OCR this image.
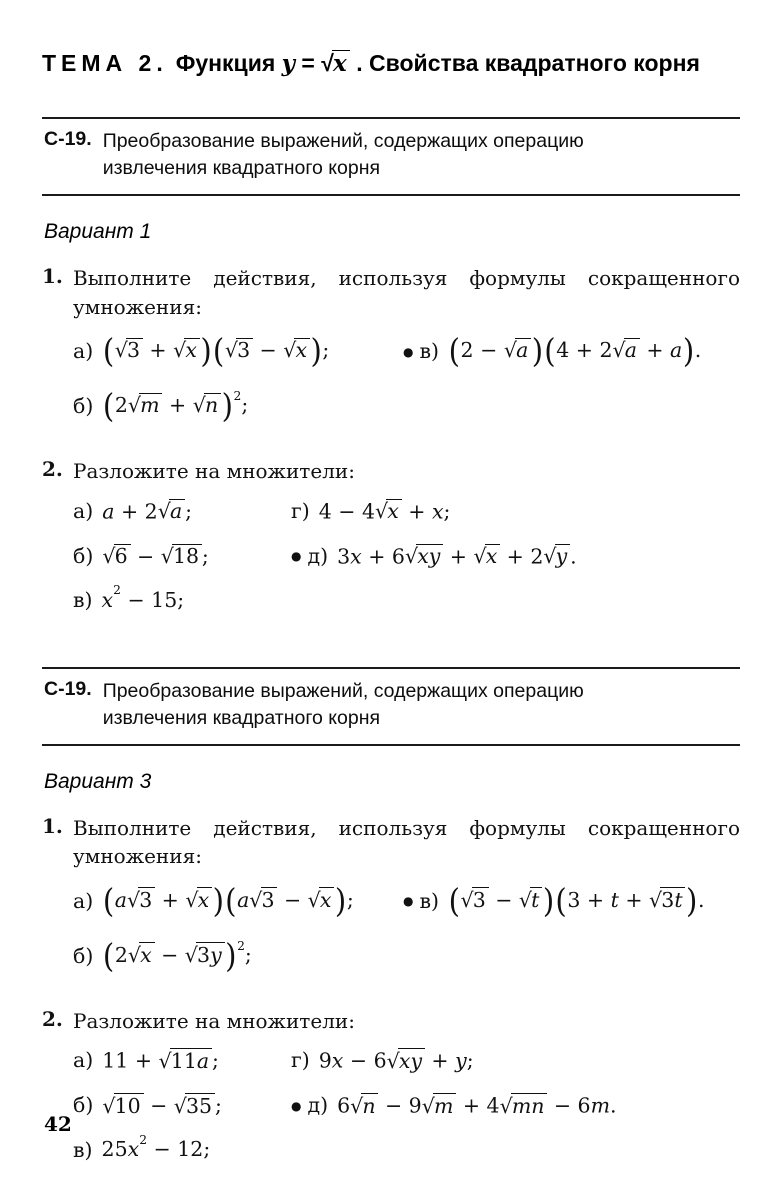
ТЕМА 2. Функция y = √x . Свойства квадратного корня
С-19. Преобразование выражений, содержащих операцию
извлечения квадратного корня
Вариант 1
1. Выполните действия, используя формулы сокращенного
умножения:
а) (√3 + √x )(√3 − √x );	● в) (2 − √a )(4 + 2√a + a).
б) (2√m + √n )$^2$;
2. Разложите на множители:
а) a + 2√a ;	г) 4 − 4√x + x;
б) √6 − √18 ;	● д) 3x + 6√xy + √x + 2√y .
в) $x^2 - 15$;
С-19. Преобразование выражений, содержащих операцию
извлечения квадратного корня
Вариант 3
1. Выполните действия, используя формулы сокращенного
умножения:
а) (a√3 + √x )(a√3 − √x );	● в) (√3 − √t )(3 + t + √3t ).
б) (2√x − √3y )$^2$;
2. Разложите на множители:
а) 11 + √11a ;	г) 9x − 6√xy + y;
б) √10 − √35 ;	● д) 6√n − 9√m + 4√mn − 6m.
в) $25x^2 - 12$;
42
